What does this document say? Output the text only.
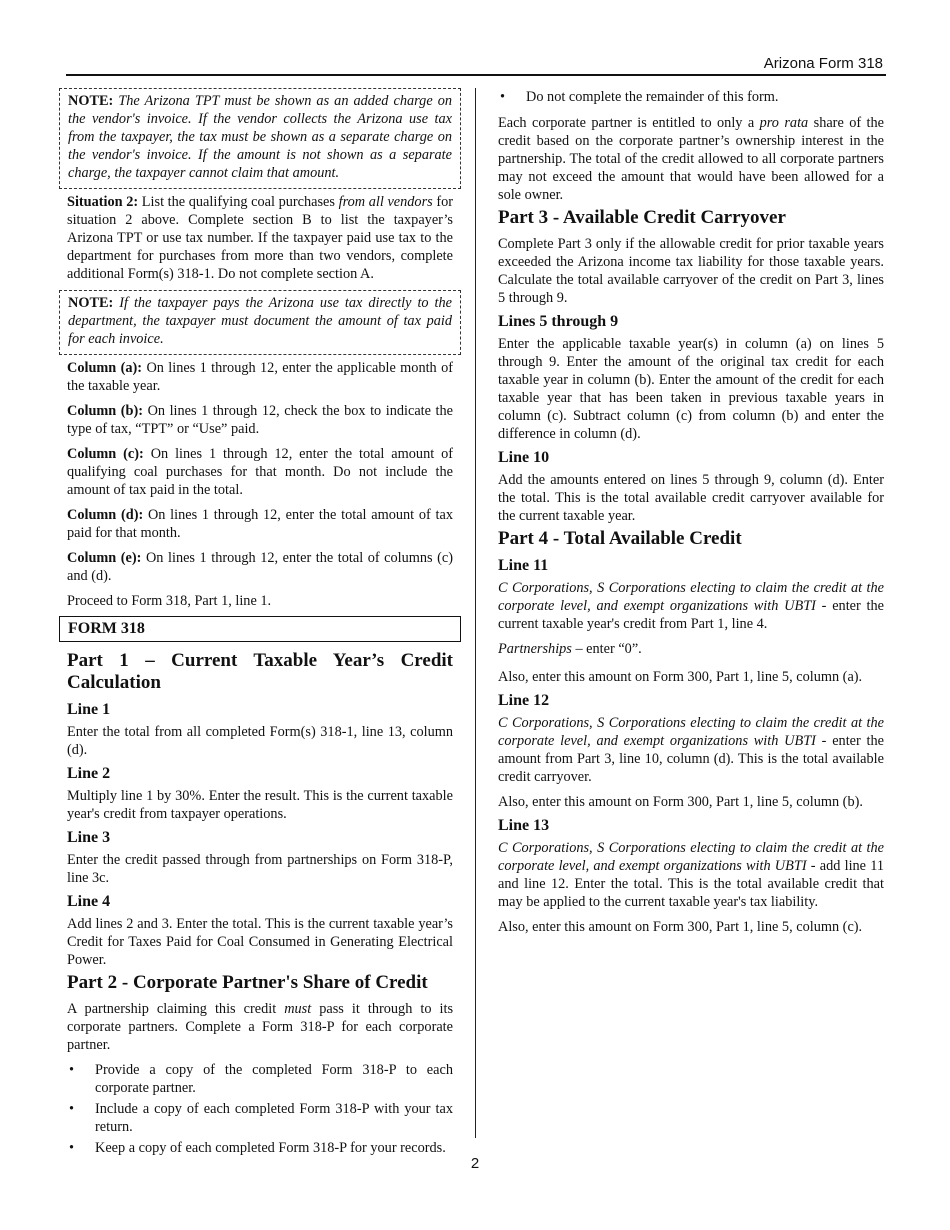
Arizona Form 318

NOTE: The Arizona TPT must be shown as an added charge on the vendor's invoice. If the vendor collects the Arizona use tax from the taxpayer, the tax must be shown as a separate charge on the vendor's invoice. If the amount is not shown as a separate charge, the taxpayer cannot claim that amount.

Situation 2: List the qualifying coal purchases from all vendors for situation 2 above. Complete section B to list the taxpayer’s Arizona TPT or use tax number. If the taxpayer paid use tax to the department for purchases from more than two vendors, complete additional Form(s) 318-1. Do not complete section A.

NOTE: If the taxpayer pays the Arizona use tax directly to the department, the taxpayer must document the amount of tax paid for each invoice.

Column (a): On lines 1 through 12, enter the applicable month of the taxable year.

Column (b): On lines 1 through 12, check the box to indicate the type of tax, “TPT” or “Use” paid.

Column (c): On lines 1 through 12, enter the total amount of qualifying coal purchases for that month. Do not include the amount of tax paid in the total.

Column (d): On lines 1 through 12, enter the total amount of tax paid for that month.

Column (e): On lines 1 through 12, enter the total of columns (c) and (d).

Proceed to Form 318, Part 1, line 1.

FORM 318
Part 1 – Current Taxable Year’s Credit Calculation
Line 1

Enter the total from all completed Form(s) 318-1, line 13, column (d).

Line 2

Multiply line 1 by 30%. Enter the result. This is the current taxable year's credit from taxpayer operations.

Line 3

Enter the credit passed through from partnerships on Form 318-P, line 3c.

Line 4

Add lines 2 and 3. Enter the total. This is the current taxable year’s Credit for Taxes Paid for Coal Consumed in Generating Electrical Power.

Part 2 - Corporate Partner's Share of Credit

A partnership claiming this credit must pass it through to its corporate partners. Complete a Form 318-P for each corporate partner.

• Provide a copy of the completed Form 318-P to each corporate partner.
• Include a copy of each completed Form 318-P with your tax return.
• Keep a copy of each completed Form 318-P for your records.
• Do not complete the remainder of this form.

Each corporate partner is entitled to only a pro rata share of the credit based on the corporate partner’s ownership interest in the partnership. The total of the credit allowed to all corporate partners may not exceed the amount that would have been allowed for a sole owner.

Part 3 - Available Credit Carryover

Complete Part 3 only if the allowable credit for prior taxable years exceeded the Arizona income tax liability for those taxable years. Calculate the total available carryover of the credit on Part 3, lines 5 through 9.

Lines 5 through 9

Enter the applicable taxable year(s) in column (a) on lines 5 through 9. Enter the amount of the original tax credit for each taxable year in column (b). Enter the amount of the credit for each taxable year that has been taken in previous taxable years in column (c). Subtract column (c) from column (b) and enter the difference in column (d).

Line 10

Add the amounts entered on lines 5 through 9, column (d). Enter the total. This is the total available credit carryover available for the current taxable year.

Part 4 - Total Available Credit
Line 11

C Corporations, S Corporations electing to claim the credit at the corporate level, and exempt organizations with UBTI - enter the current taxable year's credit from Part 1, line 4.

Partnerships – enter “0”.

Also, enter this amount on Form 300, Part 1, line 5, column (a).

Line 12

C Corporations, S Corporations electing to claim the credit at the corporate level, and exempt organizations with UBTI - enter the amount from Part 3, line 10, column (d). This is the total available credit carryover.

Also, enter this amount on Form 300, Part 1, line 5, column (b).

Line 13

C Corporations, S Corporations electing to claim the credit at the corporate level, and exempt organizations with UBTI - add line 11 and line 12. Enter the total. This is the total available credit that may be applied to the current taxable year's tax liability.

Also, enter this amount on Form 300, Part 1, line 5, column (c).

2
